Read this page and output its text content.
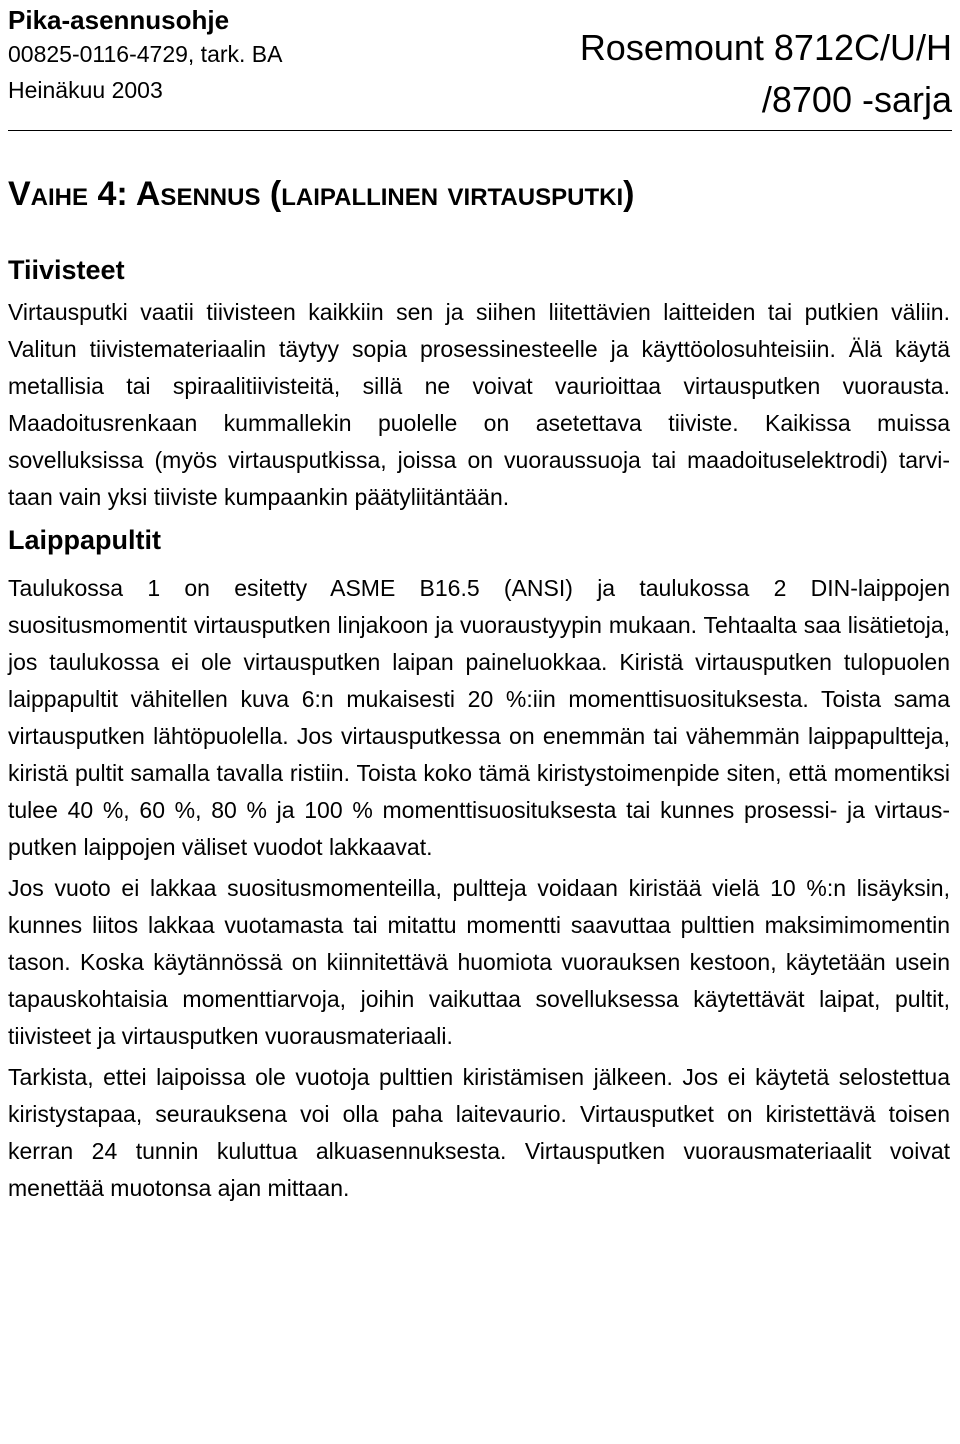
Pika-asennusohje
00825-0116-4729, tark. BA
Heinäkuu 2003
Rosemount 8712C/U/H
/8700 -sarja
Vaihe 4: Asennus (laipallinen virtausputki)
Tiivisteet

Virtausputki vaatii tiivisteen kaikkiin sen ja siihen liitettävien laitteiden tai putkien väliin. Valitun tiivistemateriaalin täytyy sopia prosessinesteelle ja käyttöolosuhteisiin. Älä käytä metallisia tai spiraalitiivisteitä, sillä ne voivat vaurioittaa virtausputken vuorausta. Maadoitusrenkaan kummallekin puolelle on asetettava tiiviste. Kaikissa muissa sovelluksissa (myös virtausputkissa, joissa on vuoraussuoja tai maadoituselektrodi) tarvitaan vain yksi tiiviste kumpaankin päätyliitäntään.

Laippapultit

Taulukossa 1 on esitetty ASME B16.5 (ANSI) ja taulukossa 2 DIN-laippojen suositusmomentit virtausputken linjakoon ja vuoraustyypin mukaan. Tehtaalta saa lisätietoja, jos taulukossa ei ole virtausputken laipan paineluokkaa. Kiristä virtausputken tulopuolen laippapultit vähitellen kuva 6:n mukaisesti 20 %:iin momenttisuosituksesta. Toista sama virtausputken lähtöpuolella. Jos virtausputkessa on enemmän tai vähemmän laippapultteja, kiristä pultit samalla tavalla ristiin. Toista koko tämä kiristystoimenpide siten, että momentiksi tulee 40 %, 60 %, 80 % ja 100 % momenttisuosituksesta tai kunnes prosessi- ja virtausputken laippojen väliset vuodot lakkaavat.

Jos vuoto ei lakkaa suositusmomenteilla, pultteja voidaan kiristää vielä 10 %:n lisäyksin, kunnes liitos lakkaa vuotamasta tai mitattu momentti saavuttaa pulttien maksimimomentin tason. Koska käytännössä on kiinnitettävä huomiota vuorauksen kestoon, käytetään usein tapauskohtaisia momenttiarvoja, joihin vaikuttaa sovelluksessa käytettävät laipat, pultit, tiivisteet ja virtausputken vuorausmateriaali.

Tarkista, ettei laipoissa ole vuotoja pulttien kiristämisen jälkeen. Jos ei käytetä selostettua kiristystapaa, seurauksena voi olla paha laitevaurio. Virtausputket on kiristettävä toisen kerran 24 tunnin kuluttua alkuasennuksesta. Virtausputken vuorausmateriaalit voivat menettää muotonsa ajan mittaan.
